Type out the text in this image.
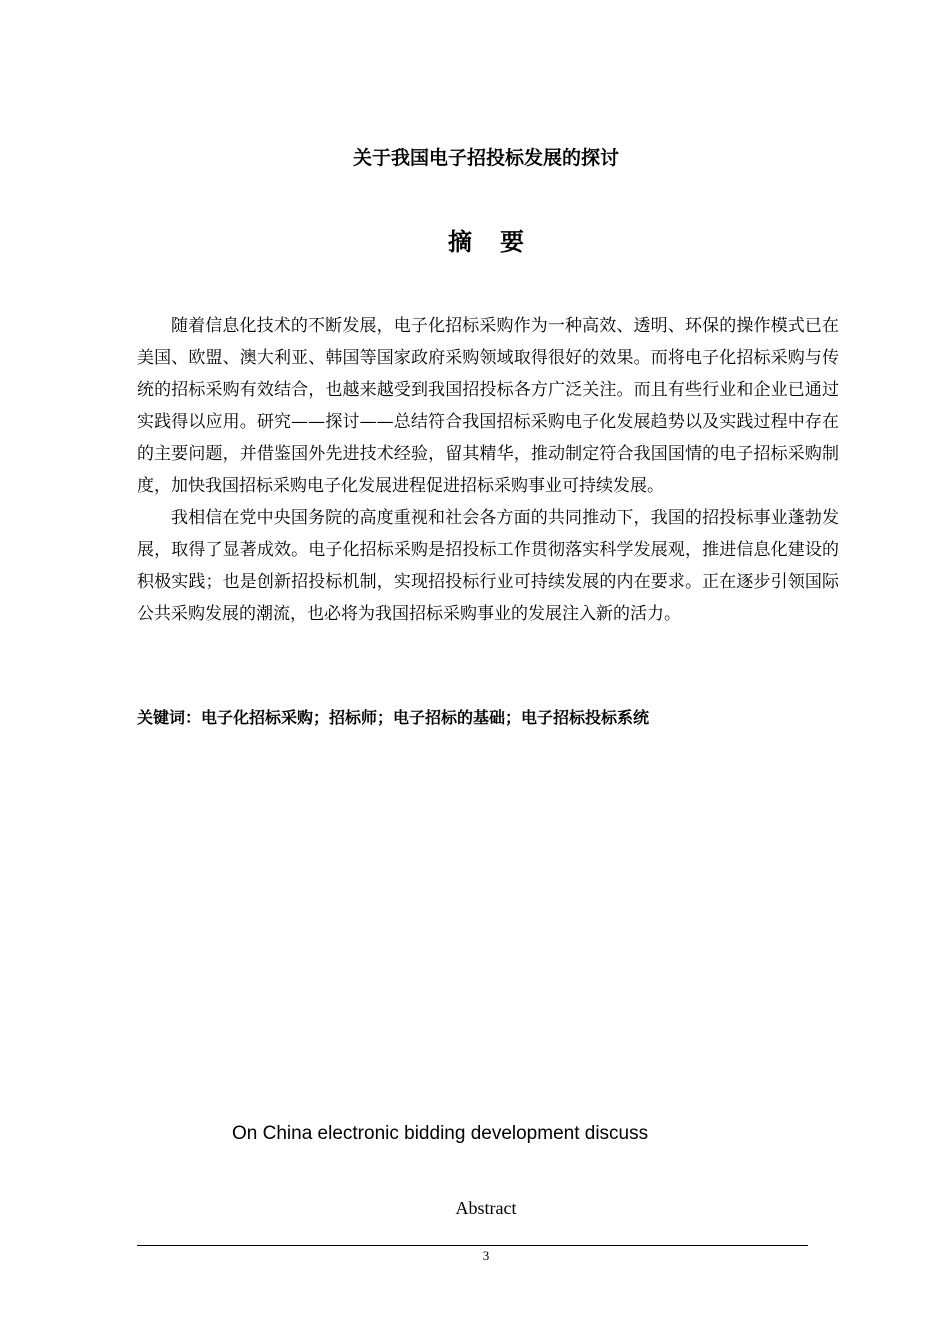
关于我国电子招投标发展的探讨
摘要

随着信息化技术的不断发展，电子化招标采购作为一种高效、透明、环保的操作模式已在美国、欧盟、澳大利亚、韩国等国家政府采购领域取得很好的效果。而将电子化招标采购与传统的招标采购有效结合，也越来越受到我国招投标各方广泛关注。而且有些行业和企业已通过实践得以应用。研究——探讨——总结符合我国招标采购电子化发展趋势以及实践过程中存在的主要问题，并借鉴国外先进技术经验，留其精华，推动制定符合我国国情的电子招标采购制度，加快我国招标采购电子化发展进程促进招标采购事业可持续发展。

我相信在党中央国务院的高度重视和社会各方面的共同推动下，我国的招投标事业蓬勃发展，取得了显著成效。电子化招标采购是招投标工作贯彻落实科学发展观，推进信息化建设的积极实践；也是创新招投标机制，实现招投标行业可持续发展的内在要求。正在逐步引领国际公共采购发展的潮流，也必将为我国招标采购事业的发展注入新的活力。

关键词：电子化招标采购；招标师；电子招标的基础；电子招标投标系统
On China electronic bidding development discuss
Abstract
3
